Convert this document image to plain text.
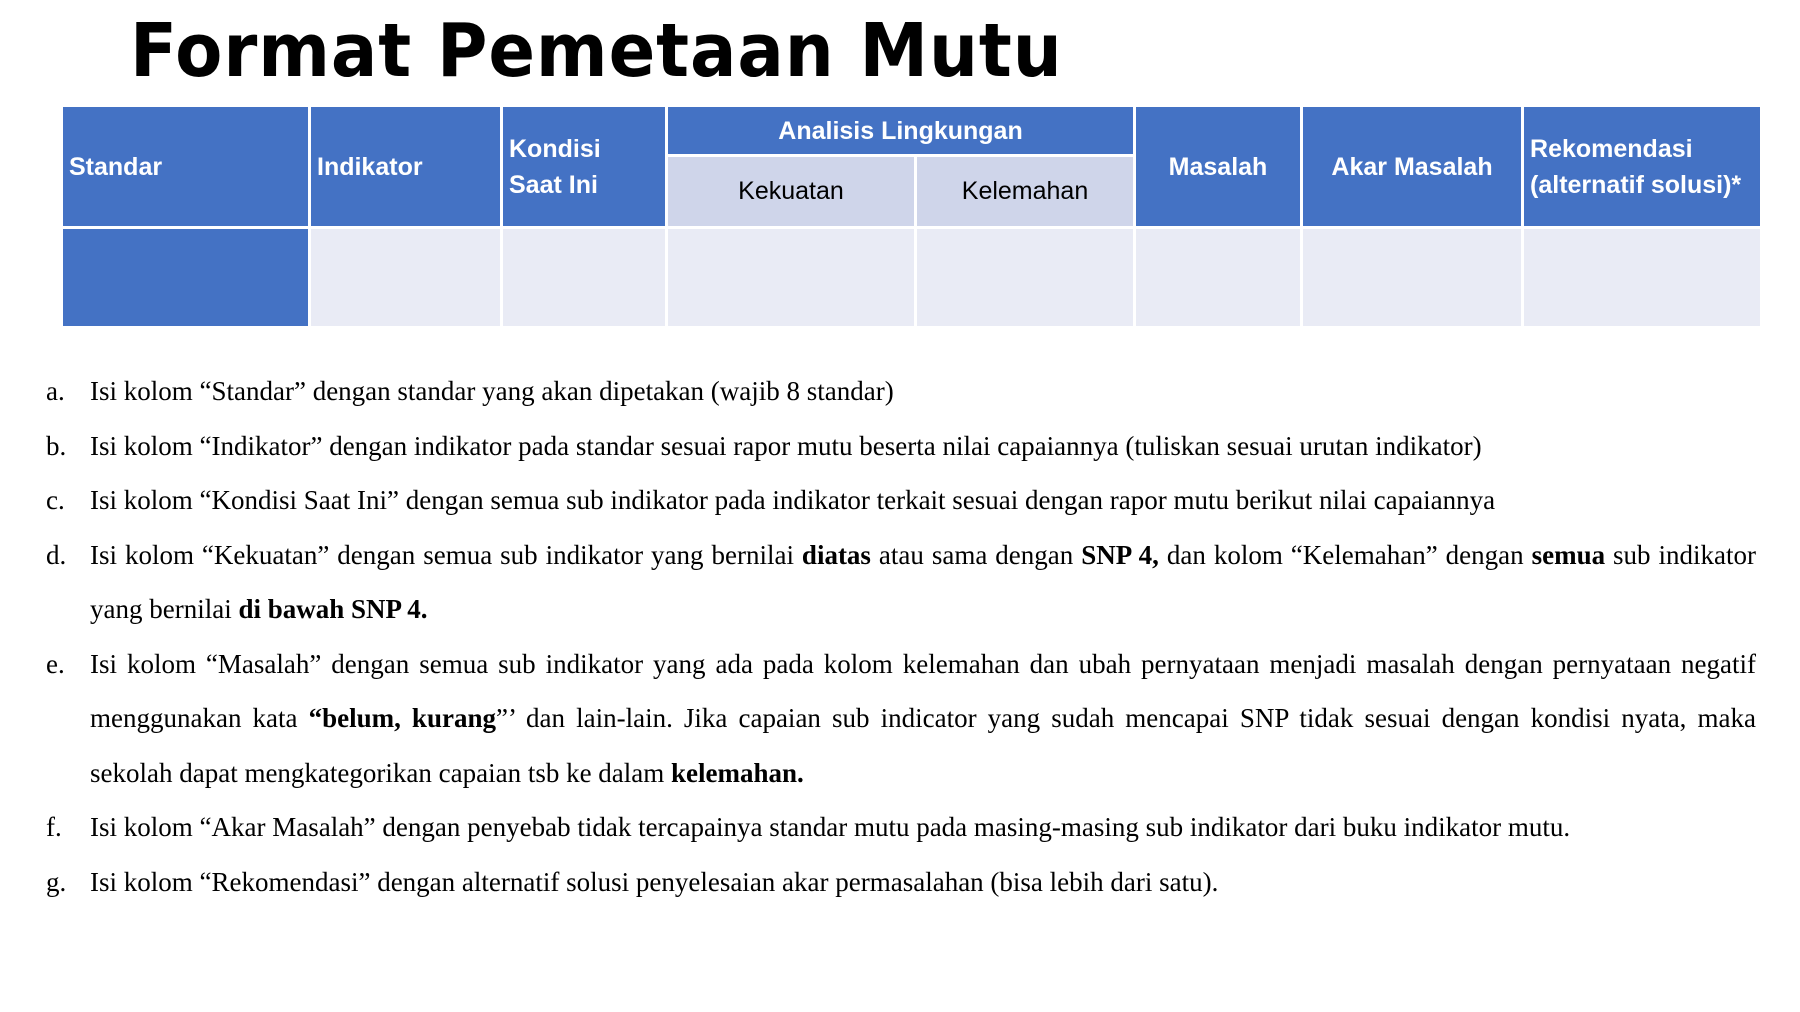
Format Pemetaan Mutu
Standar	Indikator	Kondisi Saat Ini	Analisis Lingkungan		Masalah	Akar Masalah	Rekomendasi (alternatif solusi)*
			Kekuatan	Kelemahan			

a. Isi kolom “Standar” dengan standar yang akan dipetakan (wajib 8 standar)
b. Isi kolom “Indikator” dengan indikator pada standar sesuai rapor mutu beserta nilai capaiannya (tuliskan sesuai urutan indikator)
c. Isi kolom “Kondisi Saat Ini” dengan semua sub indikator pada indikator terkait sesuai dengan rapor mutu berikut nilai capaiannya
d. Isi kolom “Kekuatan” dengan semua sub indikator yang bernilai diatas atau sama dengan SNP 4, dan kolom “Kelemahan” dengan semua sub indikator yang bernilai di bawah SNP 4.
e. Isi kolom “Masalah” dengan semua sub indikator yang ada pada kolom kelemahan dan ubah pernyataan menjadi masalah dengan pernyataan negatif menggunakan kata “belum, kurang”’ dan lain-lain. Jika capaian sub indicator yang sudah mencapai SNP tidak sesuai dengan kondisi nyata, maka sekolah dapat mengkategorikan capaian tsb ke dalam kelemahan.
f. Isi kolom “Akar Masalah” dengan penyebab tidak tercapainya standar mutu pada masing-masing sub indikator dari buku indikator mutu.
g. Isi kolom “Rekomendasi” dengan alternatif solusi penyelesaian akar permasalahan (bisa lebih dari satu).
